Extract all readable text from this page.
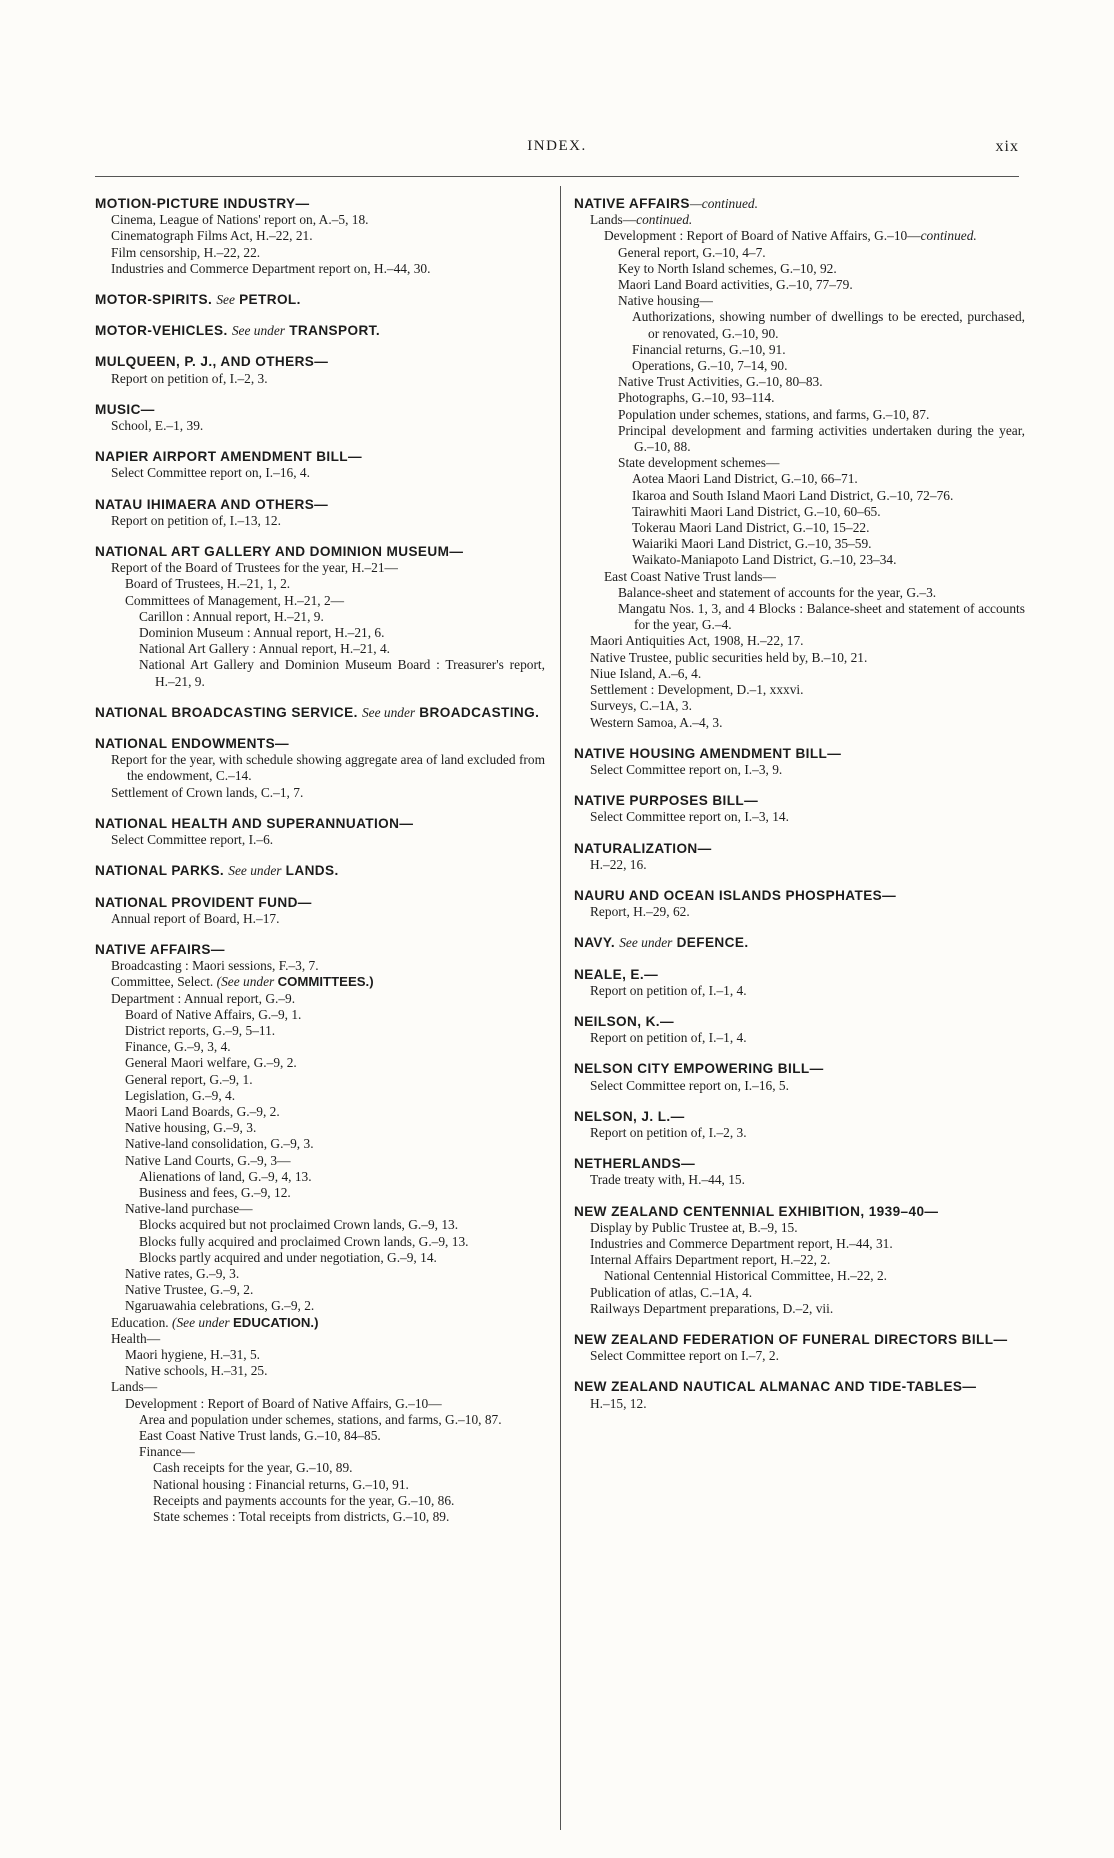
INDEX.	xix
MOTION-PICTURE INDUSTRY—
Cinema, League of Nations' report on, A.–5, 18.
Cinematograph Films Act, H.–22, 21.
Film censorship, H.–22, 22.
Industries and Commerce Department report on, H.–44, 30.
MOTOR-SPIRITS. See PETROL.
MOTOR-VEHICLES. See under TRANSPORT.
MULQUEEN, P. J., AND OTHERS—
Report on petition of, I.–2, 3.
MUSIC—
School, E.–1, 39.
NAPIER AIRPORT AMENDMENT BILL—
Select Committee report on, I.–16, 4.
NATAU IHIMAERA AND OTHERS—
Report on petition of, I.–13, 12.
NATIONAL ART GALLERY AND DOMINION MUSEUM—
Report of the Board of Trustees for the year, H.–21—
Board of Trustees, H.–21, 1, 2.
Committees of Management, H.–21, 2—
Carillon : Annual report, H.–21, 9.
Dominion Museum : Annual report, H.–21, 6.
National Art Gallery : Annual report, H.–21, 4.
National Art Gallery and Dominion Museum Board : Treasurer's report, H.–21, 9.
NATIONAL BROADCASTING SERVICE. See under BROADCASTING.
NATIONAL ENDOWMENTS—
Report for the year, with schedule showing aggregate area of land excluded from the endowment, C.–14.
Settlement of Crown lands, C.–1, 7.
NATIONAL HEALTH AND SUPERANNUATION—
Select Committee report, I.–6.
NATIONAL PARKS. See under LANDS.
NATIONAL PROVIDENT FUND—
Annual report of Board, H.–17.
NATIVE AFFAIRS—
Broadcasting : Maori sessions, F.–3, 7.
Committee, Select. (See under COMMITTEES.)
Department : Annual report, G.–9.
Board of Native Affairs, G.–9, 1.
District reports, G.–9, 5–11.
Finance, G.–9, 3, 4.
General Maori welfare, G.–9, 2.
General report, G.–9, 1.
Legislation, G.–9, 4.
Maori Land Boards, G.–9, 2.
Native housing, G.–9, 3.
Native-land consolidation, G.–9, 3.
Native Land Courts, G.–9, 3—
Alienations of land, G.–9, 4, 13.
Business and fees, G.–9, 12.
Native-land purchase—
Blocks acquired but not proclaimed Crown lands, G.–9, 13.
Blocks fully acquired and proclaimed Crown lands, G.–9, 13.
Blocks partly acquired and under negotiation, G.–9, 14.
Native rates, G.–9, 3.
Native Trustee, G.–9, 2.
Ngaruawahia celebrations, G.–9, 2.
Education. (See under EDUCATION.)
Health—
Maori hygiene, H.–31, 5.
Native schools, H.–31, 25.
Lands—
Development : Report of Board of Native Affairs, G.–10—
Area and population under schemes, stations, and farms, G.–10, 87.
East Coast Native Trust lands, G.–10, 84–85.
Finance—
Cash receipts for the year, G.–10, 89.
National housing : Financial returns, G.–10, 91.
Receipts and payments accounts for the year, G.–10, 86.
State schemes : Total receipts from districts, G.–10, 89.
NATIVE AFFAIRS—continued.
Lands—continued.
Development : Report of Board of Native Affairs, G.–10—continued.
General report, G.–10, 4–7.
Key to North Island schemes, G.–10, 92.
Maori Land Board activities, G.–10, 77–79.
Native housing—
Authorizations, showing number of dwellings to be erected, purchased, or renovated, G.–10, 90.
Financial returns, G.–10, 91.
Operations, G.–10, 7–14, 90.
Native Trust Activities, G.–10, 80–83.
Photographs, G.–10, 93–114.
Population under schemes, stations, and farms, G.–10, 87.
Principal development and farming activities undertaken during the year, G.–10, 88.
State development schemes—
Aotea Maori Land District, G.–10, 66–71.
Ikaroa and South Island Maori Land District, G.–10, 72–76.
Tairawhiti Maori Land District, G.–10, 60–65.
Tokerau Maori Land District, G.–10, 15–22.
Waiariki Maori Land District, G.–10, 35–59.
Waikato-Maniapoto Land District, G.–10, 23–34.
East Coast Native Trust lands—
Balance-sheet and statement of accounts for the year, G.–3.
Mangatu Nos. 1, 3, and 4 Blocks : Balance-sheet and statement of accounts for the year, G.–4.
Maori Antiquities Act, 1908, H.–22, 17.
Native Trustee, public securities held by, B.–10, 21.
Niue Island, A.–6, 4.
Settlement : Development, D.–1, xxxvi.
Surveys, C.–1A, 3.
Western Samoa, A.–4, 3.
NATIVE HOUSING AMENDMENT BILL—
Select Committee report on, I.–3, 9.
NATIVE PURPOSES BILL—
Select Committee report on, I.–3, 14.
NATURALIZATION—
H.–22, 16.
NAURU AND OCEAN ISLANDS PHOSPHATES—
Report, H.–29, 62.
NAVY. See under DEFENCE.
NEALE, E.—
Report on petition of, I.–1, 4.
NEILSON, K.—
Report on petition of, I.–1, 4.
NELSON CITY EMPOWERING BILL—
Select Committee report on, I.–16, 5.
NELSON, J. L.—
Report on petition of, I.–2, 3.
NETHERLANDS—
Trade treaty with, H.–44, 15.
NEW ZEALAND CENTENNIAL EXHIBITION, 1939–40—
Display by Public Trustee at, B.–9, 15.
Industries and Commerce Department report, H.–44, 31.
Internal Affairs Department report, H.–22, 2.
National Centennial Historical Committee, H.–22, 2.
Publication of atlas, C.–1A, 4.
Railways Department preparations, D.–2, vii.
NEW ZEALAND FEDERATION OF FUNERAL DIRECTORS BILL—
Select Committee report on I.–7, 2.
NEW ZEALAND NAUTICAL ALMANAC AND TIDE-TABLES—
H.–15, 12.
